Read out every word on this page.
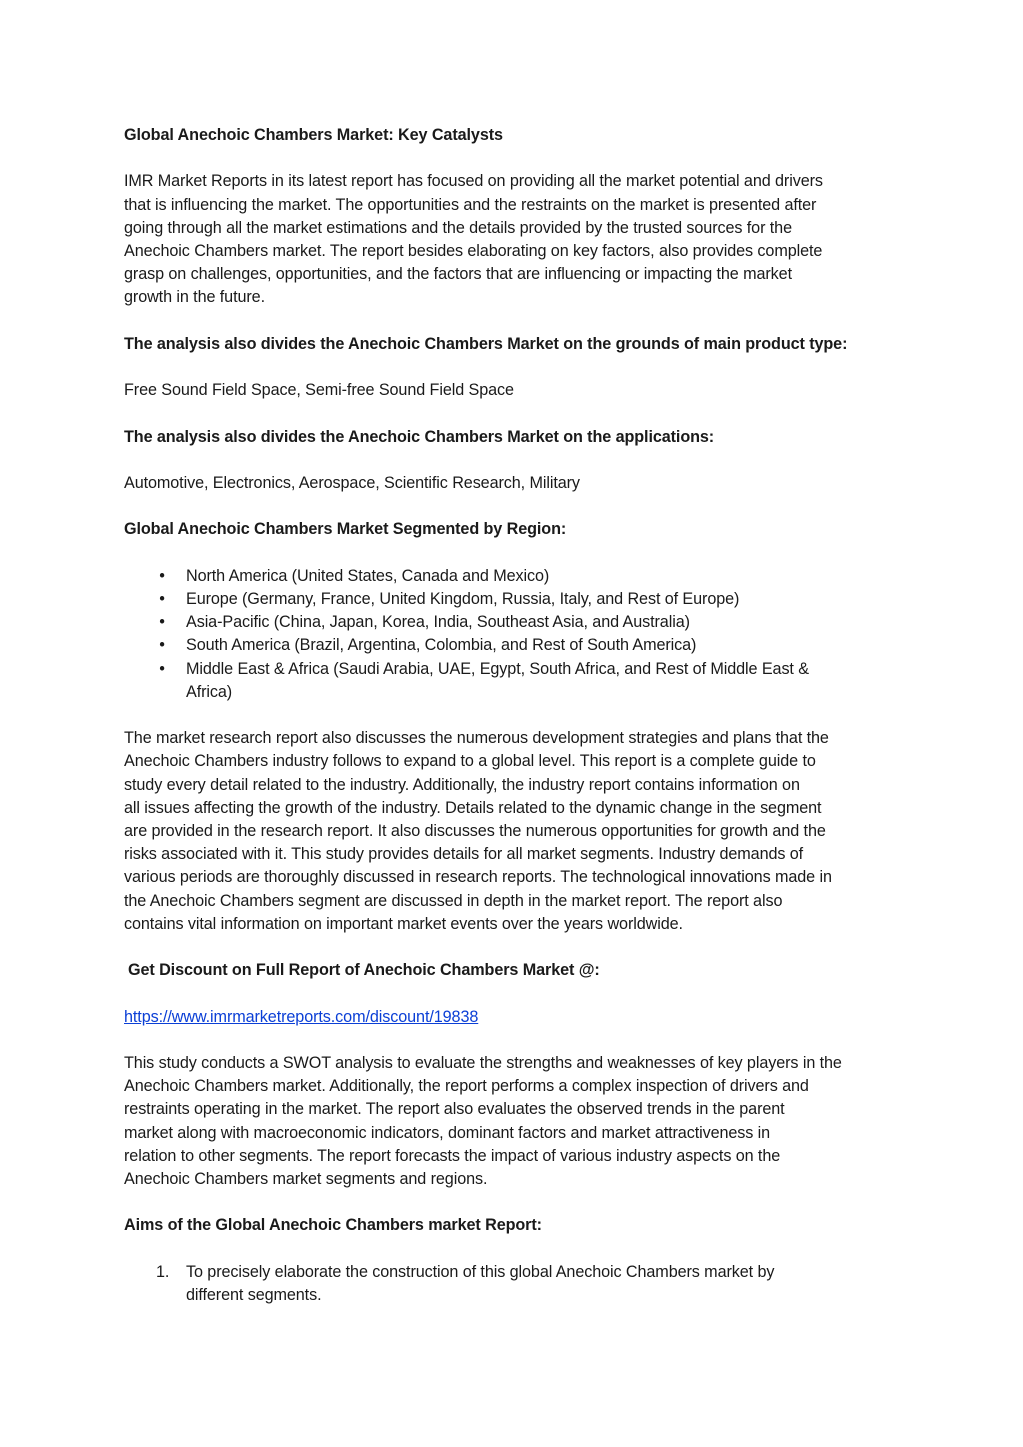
Global Anechoic Chambers Market: Key Catalysts

IMR Market Reports in its latest report has focused on providing all the market potential and drivers
that is influencing the market. The opportunities and the restraints on the market is presented after
going through all the market estimations and the details provided by the trusted sources for the
Anechoic Chambers market. The report besides elaborating on key factors, also provides complete
grasp on challenges, opportunities, and the factors that are influencing or impacting the market
growth in the future.

The analysis also divides the Anechoic Chambers Market on the grounds of main product type:

Free Sound Field Space, Semi-free Sound Field Space

The analysis also divides the Anechoic Chambers Market on the applications:

Automotive, Electronics, Aerospace, Scientific Research, Military

Global Anechoic Chambers Market Segmented by Region:

• North America (United States, Canada and Mexico)
• Europe (Germany, France, United Kingdom, Russia, Italy, and Rest of Europe)
• Asia-Pacific (China, Japan, Korea, India, Southeast Asia, and Australia)
• South America (Brazil, Argentina, Colombia, and Rest of South America)
• Middle East & Africa (Saudi Arabia, UAE, Egypt, South Africa, and Rest of Middle East &
Africa)
The market research report also discusses the numerous development strategies and plans that the
Anechoic Chambers industry follows to expand to a global level. This report is a complete guide to
study every detail related to the industry. Additionally, the industry report contains information on
all issues affecting the growth of the industry. Details related to the dynamic change in the segment
are provided in the research report. It also discusses the numerous opportunities for growth and the
risks associated with it. This study provides details for all market segments. Industry demands of
various periods are thoroughly discussed in research reports. The technological innovations made in
the Anechoic Chambers segment are discussed in depth in the market report. The report also
contains vital information on important market events over the years worldwide.

Get Discount on Full Report of Anechoic Chambers Market @:

https://www.imrmarketreports.com/discount/19838

This study conducts a SWOT analysis to evaluate the strengths and weaknesses of key players in the
Anechoic Chambers market. Additionally, the report performs a complex inspection of drivers and
restraints operating in the market. The report also evaluates the observed trends in the parent
market along with macroeconomic indicators, dominant factors and market attractiveness in
relation to other segments. The report forecasts the impact of various industry aspects on the
Anechoic Chambers market segments and regions.

Aims of the Global Anechoic Chambers market Report:

1. To precisely elaborate the construction of this global Anechoic Chambers market by
different segments.
